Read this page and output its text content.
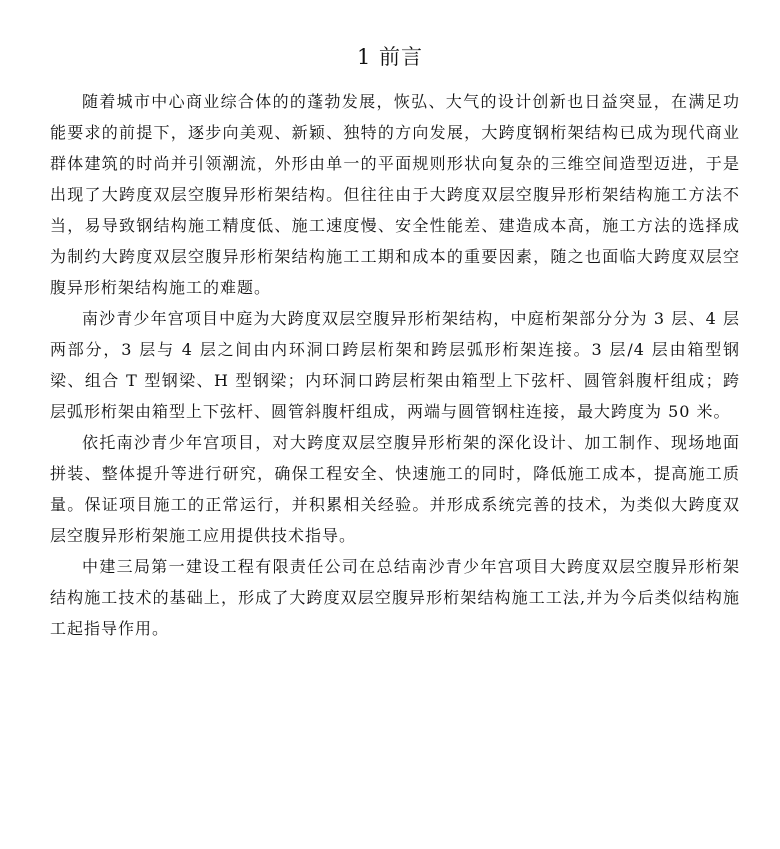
1 前言

随着城市中心商业综合体的的蓬勃发展，恢弘、大气的设计创新也日益突显，在满足功能要求的前提下，逐步向美观、新颖、独特的方向发展，大跨度钢桁架结构已成为现代商业群体建筑的时尚并引领潮流，外形由单一的平面规则形状向复杂的三维空间造型迈进，于是出现了大跨度双层空腹异形桁架结构。但往往由于大跨度双层空腹异形桁架结构施工方法不当，易导致钢结构施工精度低、施工速度慢、安全性能差、建造成本高，施工方法的选择成为制约大跨度双层空腹异形桁架结构施工工期和成本的重要因素，随之也面临大跨度双层空腹异形桁架结构施工的难题。

南沙青少年宫项目中庭为大跨度双层空腹异形桁架结构，中庭桁架部分分为 3 层、4 层两部分，3 层与 4 层之间由内环洞口跨层桁架和跨层弧形桁架连接。3 层/4 层由箱型钢梁、组合 T 型钢梁、H 型钢梁；内环洞口跨层桁架由箱型上下弦杆、圆管斜腹杆组成；跨层弧形桁架由箱型上下弦杆、圆管斜腹杆组成，两端与圆管钢柱连接，最大跨度为 50 米。

依托南沙青少年宫项目，对大跨度双层空腹异形桁架的深化设计、加工制作、现场地面拼装、整体提升等进行研究，确保工程安全、快速施工的同时，降低施工成本，提高施工质量。保证项目施工的正常运行，并积累相关经验。并形成系统完善的技术，为类似大跨度双层空腹异形桁架施工应用提供技术指导。

中建三局第一建设工程有限责任公司在总结南沙青少年宫项目大跨度双层空腹异形桁架结构施工技术的基础上，形成了大跨度双层空腹异形桁架结构施工工法,并为今后类似结构施工起指导作用。
